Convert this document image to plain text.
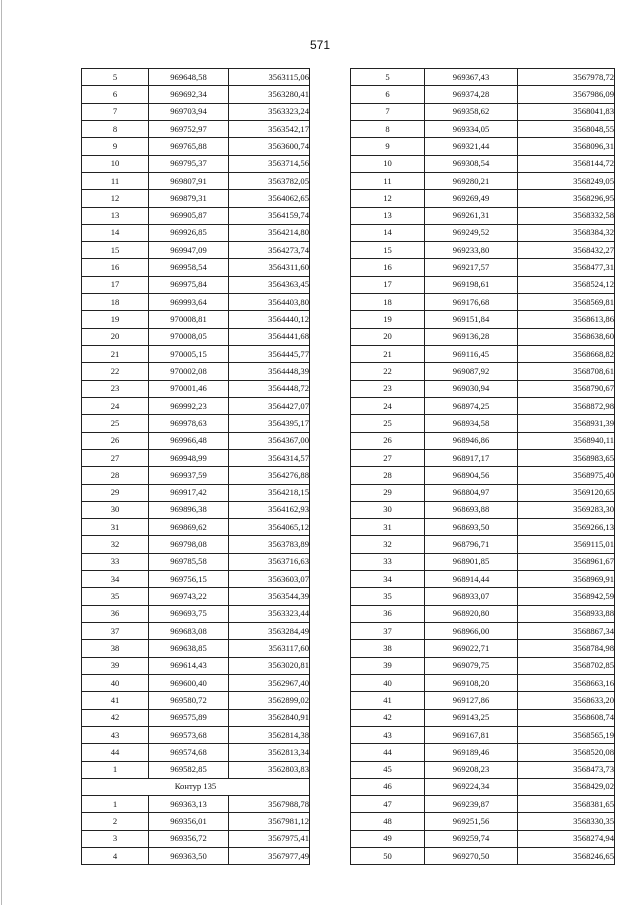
571
5	969648,58	3563115,06
6	969692,34	3563280,41
7	969703,94	3563323,24
8	969752,97	3563542,17
9	969765,88	3563600,74
10	969795,37	3563714,56
11	969807,91	3563782,05
12	969879,31	3564062,65
13	969905,87	3564159,74
14	969926,85	3564214,80
15	969947,09	3564273,74
16	969958,54	3564311,60
17	969975,84	3564363,45
18	969993,64	3564403,80
19	970008,81	3564440,12
20	970008,05	3564441,68
21	970005,15	3564445,77
22	970002,08	3564448,39
23	970001,46	3564448,72
24	969992,23	3564427,07
25	969978,63	3564395,17
26	969966,48	3564367,00
27	969948,99	3564314,57
28	969937,59	3564276,88
29	969917,42	3564218,15
30	969896,38	3564162,93
31	969869,62	3564065,12
32	969798,08	3563783,89
33	969785,58	3563716,63
34	969756,15	3563603,07
35	969743,22	3563544,39
36	969693,75	3563323,44
37	969683,08	3563284,49
38	969638,85	3563117,60
39	969614,43	3563020,81
40	969600,40	3562967,40
41	969580,72	3562899,02
42	969575,89	3562840,91
43	969573,68	3562814,38
44	969574,68	3562813,34
1	969582,85	3562803,83
Контур 135		
1	969363,13	3567988,78
2	969356,01	3567981,12
3	969356,72	3567975,41
4	969363,50	3567977,49
5	969367,43	3567978,72
6	969374,28	3567986,09
7	969358,62	3568041,83
8	969334,05	3568048,55
9	969321,44	3568096,31
10	969308,54	3568144,72
11	969280,21	3568249,05
12	969269,49	3568296,95
13	969261,31	3568332,58
14	969249,52	3568384,32
15	969233,80	3568432,27
16	969217,57	3568477,31
17	969198,61	3568524,12
18	969176,68	3568569,81
19	969151,84	3568613,86
20	969136,28	3568638,60
21	969116,45	3568668,82
22	969087,92	3568708,61
23	969030,94	3568790,67
24	968974,25	3568872,98
25	968934,58	3568931,39
26	968946,86	3568940,11
27	968917,17	3568983,65
28	968904,56	3568975,40
29	968804,97	3569120,65
30	968693,88	3569283,30
31	968693,50	3569266,13
32	968796,71	3569115,01
33	968901,85	3568961,67
34	968914,44	3568969,91
35	968933,07	3568942,59
36	968920,80	3568933,88
37	968966,00	3568867,34
38	969022,71	3568784,98
39	969079,75	3568702,85
40	969108,20	3568663,16
41	969127,86	3568633,20
42	969143,25	3568608,74
43	969167,81	3568565,19
44	969189,46	3568520,08
45	969208,23	3568473,73
46	969224,34	3568429,02
47	969239,87	3568381,65
48	969251,56	3568330,35
49	969259,74	3568274,94
50	969270,50	3568246,65
